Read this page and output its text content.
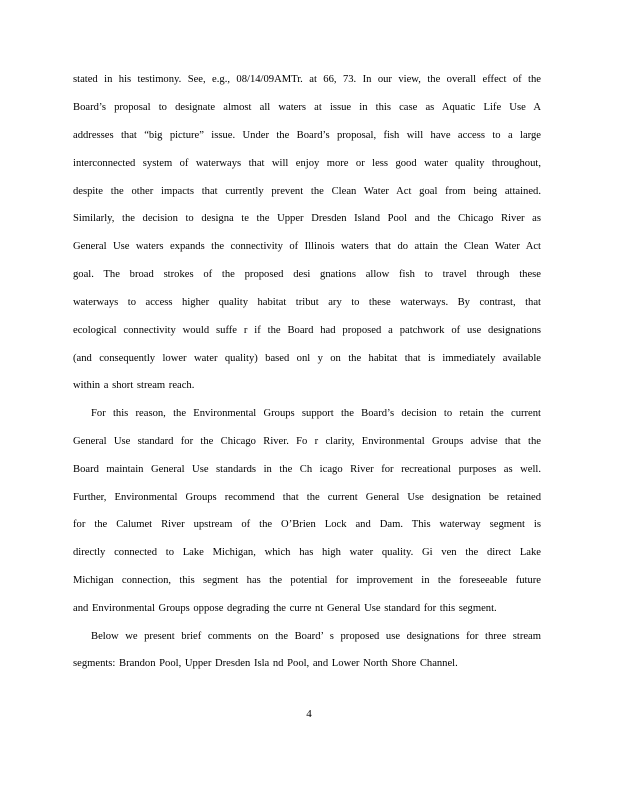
stated in his testimony. See, e.g., 08/14/09AMTr. at 66, 73. In our view, the overall effect of the
Board’s proposal to designate almost all waters at issue in this case as Aquatic Life Use A
addresses that “big picture” issue. Under the Board’s proposal, fish will have access to a large
interconnected system of waterways that will enjoy more or less good water quality throughout,
despite the other impacts that currently prevent the Clean Water Act goal from being attained.
Similarly, the decision to designa te the Upper Dresden Island Pool and the Chicago River as
General Use waters expands the connectivity of Illinois waters that do attain the Clean Water Act
goal. The broad strokes of the proposed desi gnations allow fish to travel through these
waterways to access higher quality habitat tribut ary to these waterways. By contrast, that
ecological connectivity would suffe r if the Board had proposed a patchwork of use designations
(and consequently lower water quality) based onl y on the habitat that is immediately available
within a short stream reach.
For this reason, the Environmental Groups support the Board’s decision to retain the current
General Use standard for the Chicago River. Fo r clarity, Environmental Groups advise that the
Board maintain General Use standards in the Ch icago River for recreational purposes as well.
Further, Environmental Groups recommend that the current General Use designation be retained
for the Calumet River upstream of the O’Brien Lock and Dam. This waterway segment is
directly connected to Lake Michigan, which has high water quality. Gi ven the direct Lake
Michigan connection, this segment has the potential for improvement in the foreseeable future
and Environmental Groups oppose degrading the curre nt General Use standard for this segment.
Below we present brief comments on the Board’ s proposed use designations for three stream
segments: Brandon Pool, Upper Dresden Isla nd Pool, and Lower North Shore Channel.
4
